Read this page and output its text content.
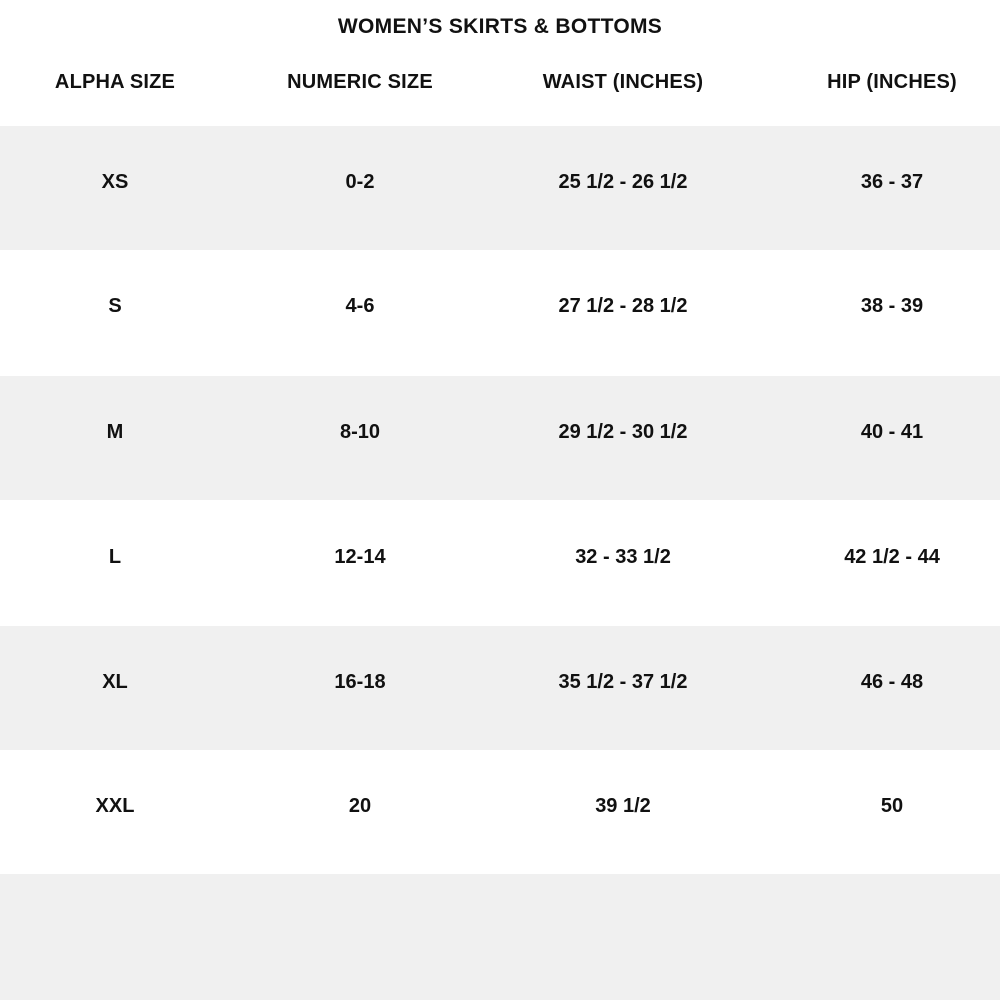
WOMEN’S SKIRTS & BOTTOMS
ALPHA SIZE	NUMERIC SIZE	WAIST (INCHES)	HIP (INCHES)
XS	0-2	25 1/2 - 26 1/2	36 - 37
S	4-6	27 1/2 - 28 1/2	38 - 39
M	8-10	29 1/2 - 30 1/2	40 - 41
L	12-14	32 - 33 1/2	42 1/2 - 44
XL	16-18	35 1/2 - 37 1/2	46 - 48
XXL	20	39 1/2	50
